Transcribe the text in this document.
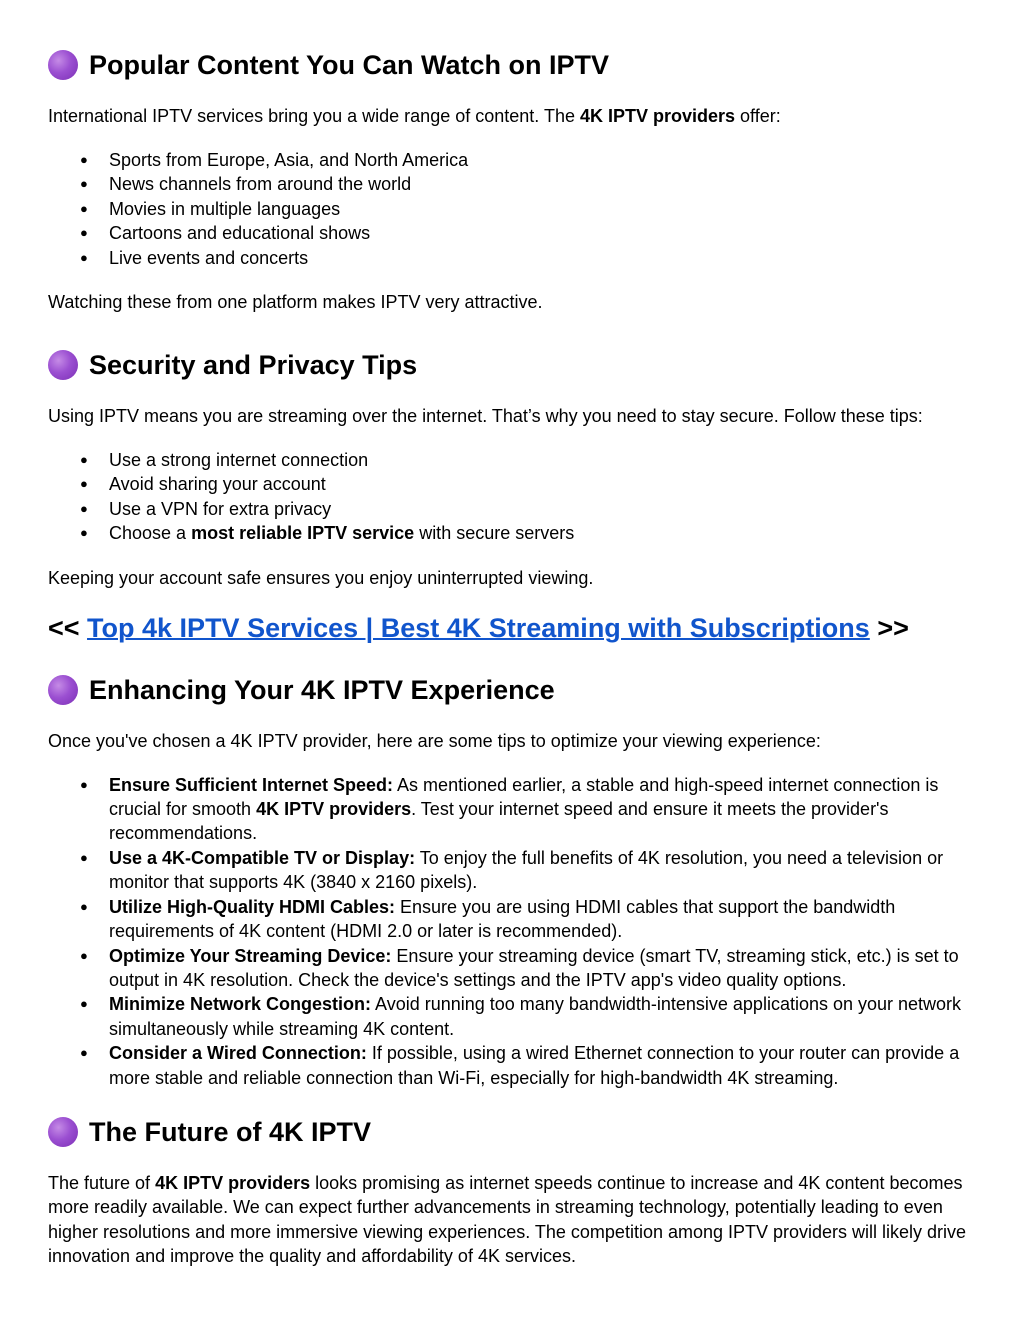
Popular Content You Can Watch on IPTV

International IPTV services bring you a wide range of content. The 4K IPTV providers offer:

● Sports from Europe, Asia, and North America
● News channels from around the world
● Movies in multiple languages
● Cartoons and educational shows
● Live events and concerts

Watching these from one platform makes IPTV very attractive.

Security and Privacy Tips

Using IPTV means you are streaming over the internet. That’s why you need to stay secure. Follow these tips:

● Use a strong internet connection
● Avoid sharing your account
● Use a VPN for extra privacy
● Choose a most reliable IPTV service with secure servers

Keeping your account safe ensures you enjoy uninterrupted viewing.

<< Top 4k IPTV Services | Best 4K Streaming with Subscriptions >>

Enhancing Your 4K IPTV Experience

Once you've chosen a 4K IPTV provider, here are some tips to optimize your viewing experience:

● Ensure Sufficient Internet Speed: As mentioned earlier, a stable and high-speed internet connection is crucial for smooth 4K IPTV providers. Test your internet speed and ensure it meets the provider's recommendations.
● Use a 4K-Compatible TV or Display: To enjoy the full benefits of 4K resolution, you need a television or monitor that supports 4K (3840 x 2160 pixels).
● Utilize High-Quality HDMI Cables: Ensure you are using HDMI cables that support the bandwidth requirements of 4K content (HDMI 2.0 or later is recommended).
● Optimize Your Streaming Device: Ensure your streaming device (smart TV, streaming stick, etc.) is set to output in 4K resolution. Check the device's settings and the IPTV app's video quality options.
● Minimize Network Congestion: Avoid running too many bandwidth-intensive applications on your network simultaneously while streaming 4K content.
● Consider a Wired Connection: If possible, using a wired Ethernet connection to your router can provide a more stable and reliable connection than Wi-Fi, especially for high-bandwidth 4K streaming.
The Future of 4K IPTV

The future of 4K IPTV providers looks promising as internet speeds continue to increase and 4K content becomes more readily available. We can expect further advancements in streaming technology, potentially leading to even higher resolutions and more immersive viewing experiences. The competition among IPTV providers will likely drive innovation and improve the quality and affordability of 4K services.
